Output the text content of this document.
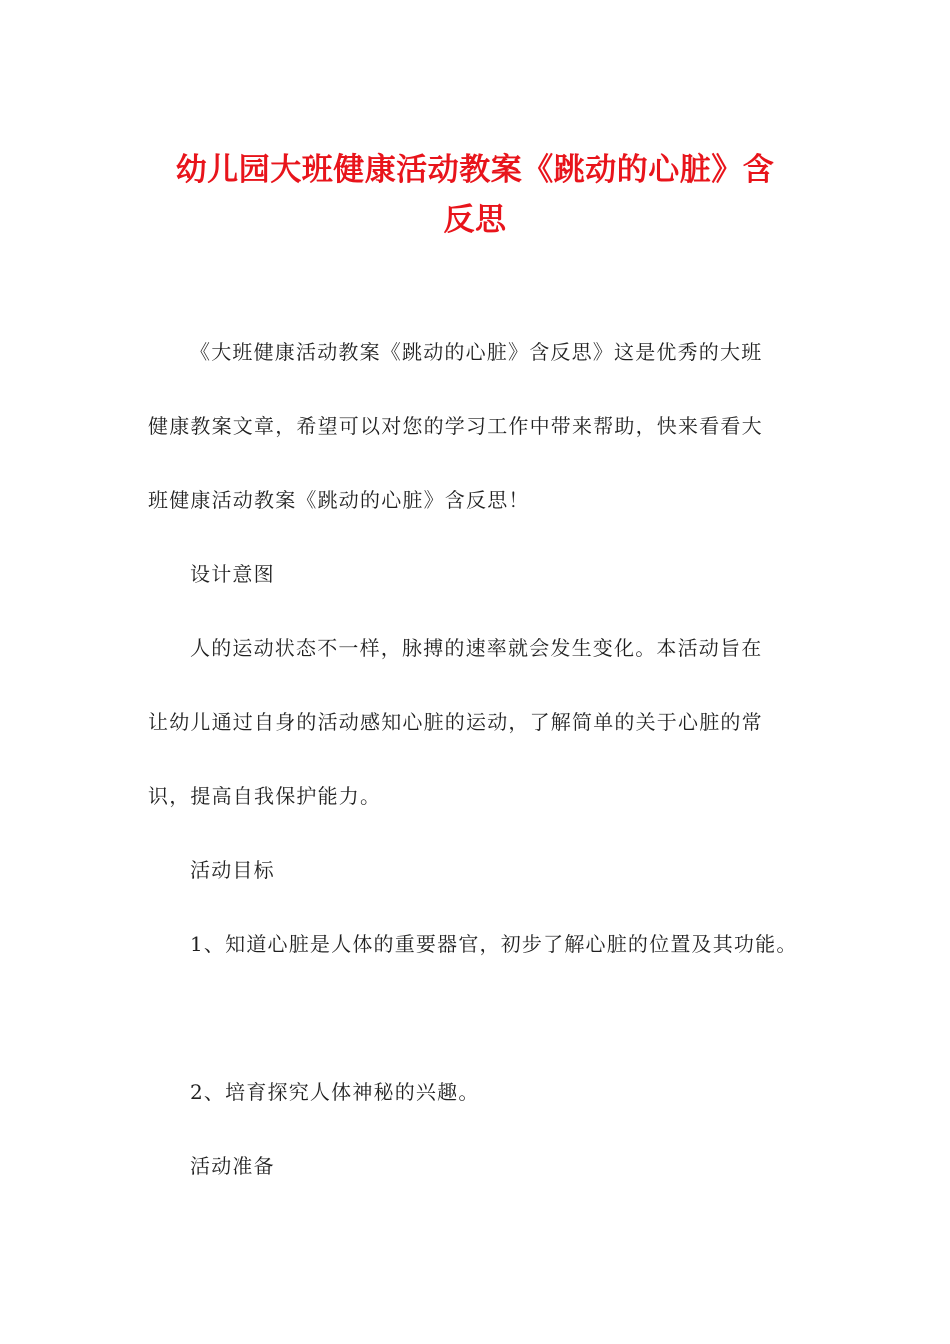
幼儿园大班健康活动教案《跳动的心脏》含
反思
《大班健康活动教案《跳动的心脏》含反思》这是优秀的大班
健康教案文章，希望可以对您的学习工作中带来帮助，快来看看大
班健康活动教案《跳动的心脏》含反思！
设计意图
人的运动状态不一样，脉搏的速率就会发生变化。本活动旨在
让幼儿通过自身的活动感知心脏的运动，了解简单的关于心脏的常
识，提高自我保护能力。
活动目标
1、知道心脏是人体的重要器官，初步了解心脏的位置及其功能。
2、培育探究人体神秘的兴趣。
活动准备
